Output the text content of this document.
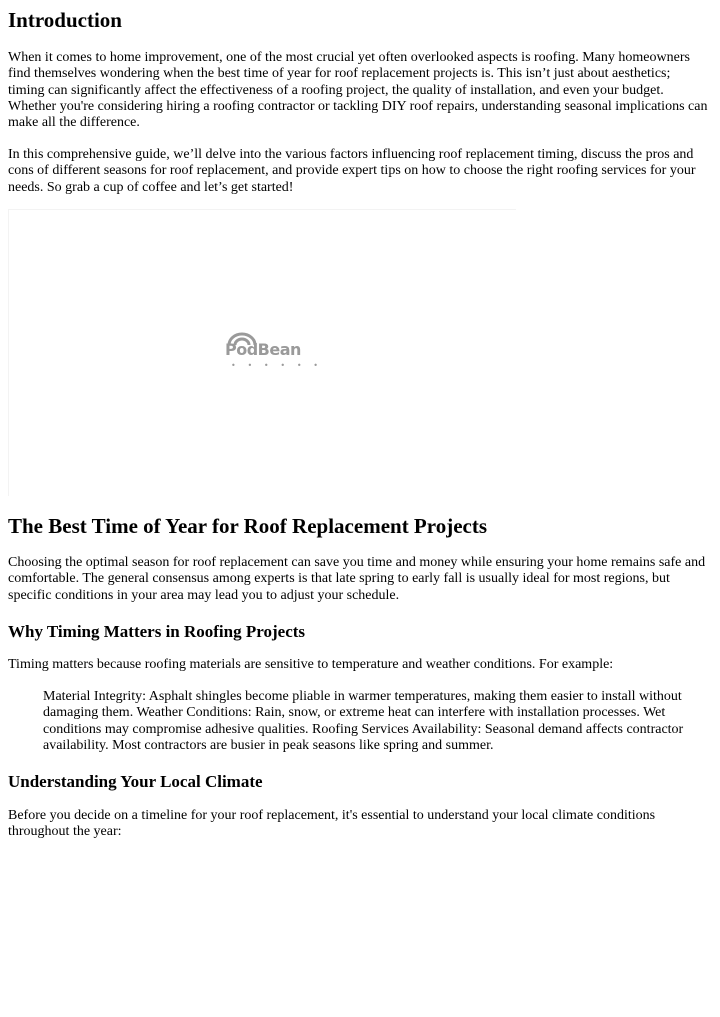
Introduction

When it comes to home improvement, one of the most crucial yet often overlooked aspects is roofing. Many homeowners find themselves wondering when the best time of year for roof replacement projects is. This isn’t just about aesthetics; timing can significantly affect the effectiveness of a roofing project, the quality of installation, and even your budget. Whether you're considering hiring a roofing contractor or tackling DIY roof repairs, understanding seasonal implications can make all the difference.

In this comprehensive guide, we’ll delve into the various factors influencing roof replacement timing, discuss the pros and cons of different seasons for roof replacement, and provide expert tips on how to choose the right roofing services for your needs. So grab a cup of coffee and let’s get started!

PodBean
• • • • • •
The Best Time of Year for Roof Replacement Projects

Choosing the optimal season for roof replacement can save you time and money while ensuring your home remains safe and comfortable. The general consensus among experts is that late spring to early fall is usually ideal for most regions, but specific conditions in your area may lead you to adjust your schedule.

Why Timing Matters in Roofing Projects

Timing matters because roofing materials are sensitive to temperature and weather conditions. For example:

Material Integrity: Asphalt shingles become pliable in warmer temperatures, making them easier to install without damaging them. Weather Conditions: Rain, snow, or extreme heat can interfere with installation processes. Wet conditions may compromise adhesive qualities. Roofing Services Availability: Seasonal demand affects contractor availability. Most contractors are busier in peak seasons like spring and summer.
Understanding Your Local Climate

Before you decide on a timeline for your roof replacement, it's essential to understand your local climate conditions throughout the year:
